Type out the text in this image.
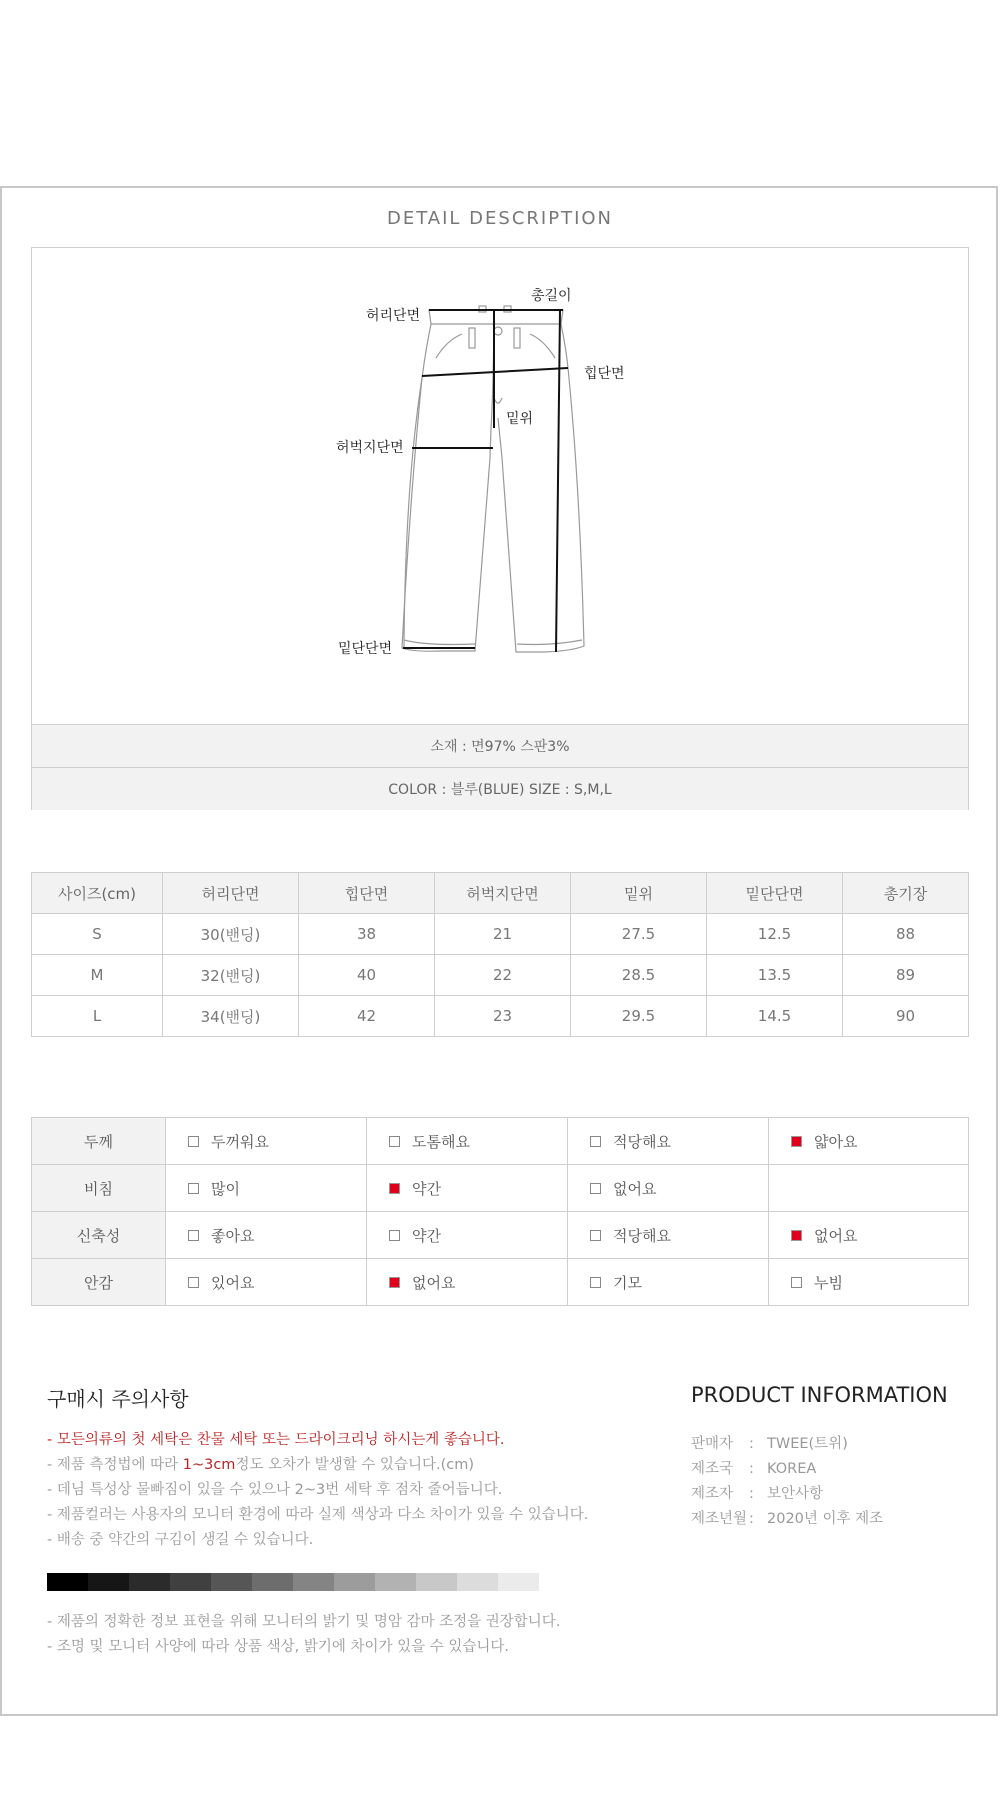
DETAIL DESCRIPTION
허리단면
총길이
힙단면
밑위
허벅지단면
밑단단면
소재 : 면97% 스판3%
COLOR : 블루(BLUE) SIZE : S,M,L
사이즈(cm)	허리단면	힙단면	허벅지단면	밑위	밑단단면	총기장
S	30(밴딩)	38	21	27.5	12.5	88
M	32(밴딩)	40	22	28.5	13.5	89
L	34(밴딩)	42	23	29.5	14.5	90
두께	두꺼워요	도톰해요	적당해요	얇아요
비침	많이	약간	없어요	
신축성	좋아요	약간	적당해요	없어요
안감	있어요	없어요	기모	누빔
구매시 주의사항
- 모든의류의 첫 세탁은 찬물 세탁 또는 드라이크리닝 하시는게 좋습니다.
- 제품 측정법에 따라 1~3cm정도 오차가 발생할 수 있습니다.(cm)
- 데님 특성상 물빠짐이 있을 수 있으나 2~3번 세탁 후 점차 줄어듭니다.
- 제품컬러는 사용자의 모니터 환경에 따라 실제 색상과 다소 차이가 있을 수 있습니다.
- 배송 중 약간의 구김이 생길 수 있습니다.
- 제품의 정확한 정보 표현을 위해 모니터의 밝기 및 명암 감마 조정을 권장합니다.
- 조명 및 모니터 사양에 따라 상품 색상, 밝기에 차이가 있을 수 있습니다.
PRODUCT INFORMATION
판매자 : TWEE(트위)
제조국 : KOREA
제조자 : 보안사항
제조년월 : 2020년 이후 제조
